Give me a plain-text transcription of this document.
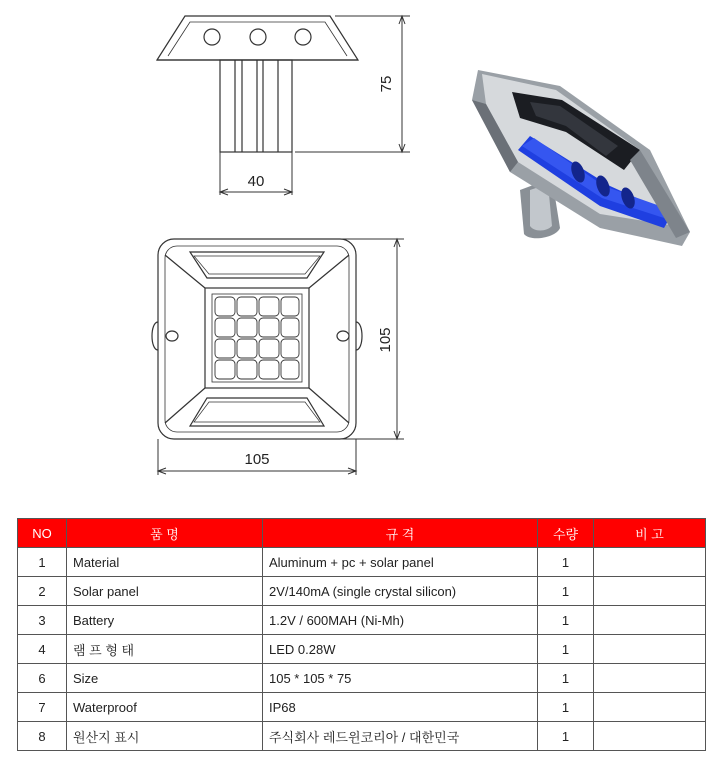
75
40
105
105
NO	품 명	규 격	수량	비 고
1	Material	Aluminum + pc + solar panel	1	
2	Solar panel	2V/140mA (single crystal silicon)	1	
3	Battery	1.2V / 600MAH (Ni-Mh)	1	
4	램 프 형 태	LED 0.28W	1	
6	Size	105 * 105 * 75	1	
7	Waterproof	IP68	1	
8	원산지 표시	주식회사 레드윈코리아 / 대한민국	1	
